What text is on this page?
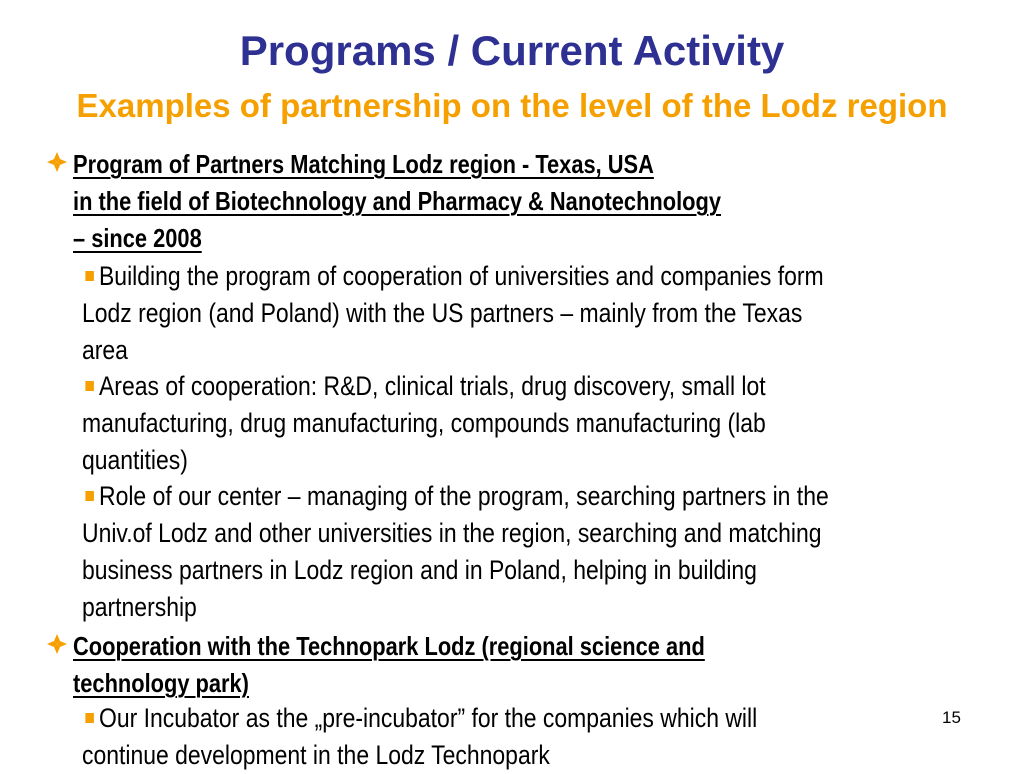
Programs / Current Activity
Examples of partnership on the level of the Lodz region
Program of Partners Matching Lodz region - Texas, USA
in the field of Biotechnology and Pharmacy & Nanotechnology
– since 2008
Building the program of cooperation of universities and companies form
Lodz region (and Poland) with the US partners – mainly from the Texas
area
Areas of cooperation: R&D, clinical trials, drug discovery, small lot
manufacturing, drug manufacturing, compounds manufacturing (lab
quantities)
Role of our center – managing of the program, searching partners in the
Univ.of Lodz and other universities in the region, searching and matching
business partners in Lodz region and in Poland, helping in building
partnership
Cooperation with the Technopark Lodz (regional science and
technology park)
Our Incubator as the „pre-incubator” for the companies which will
continue development in the Lodz Technopark
15
